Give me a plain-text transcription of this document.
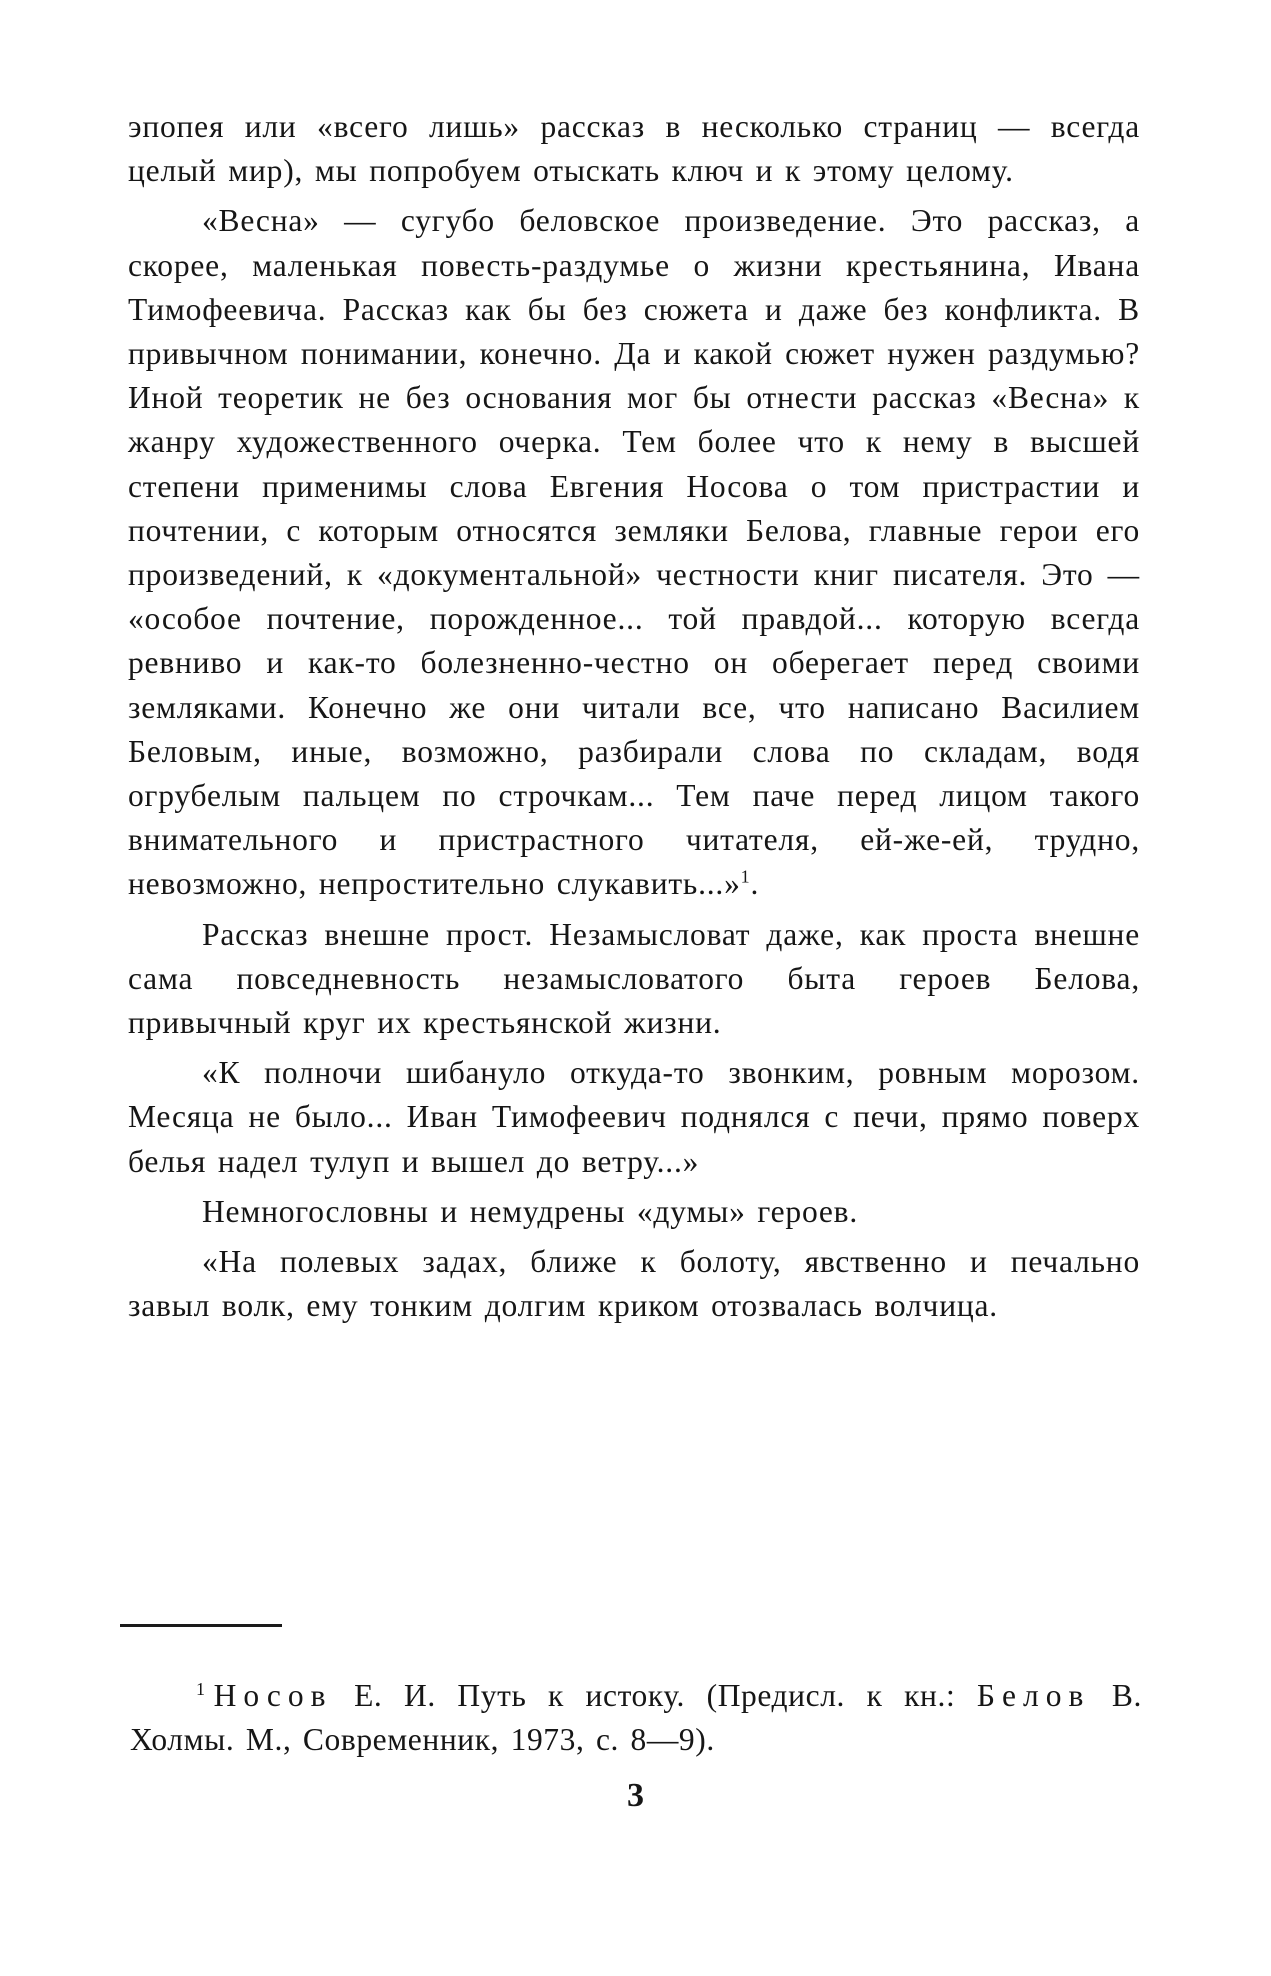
эпопея или «всего лишь» рассказ в несколько страниц — всегда целый мир), мы попробуем отыскать ключ и к этому целому.

«Весна» — сугубо беловское произведение. Это рассказ, а скорее, маленькая повесть-раздумье о жизни крестьянина, Ивана Тимофеевича. Рассказ как бы без сюжета и даже без конфликта. В привычном понимании, конечно. Да и какой сюжет нужен раздумью? Иной теоретик не без основания мог бы отнести рассказ «Весна» к жанру художественного очерка. Тем более что к нему в высшей степени применимы слова Евгения Носова о том пристрастии и почтении, с которым относятся земляки Белова, главные герои его произведений, к «документальной» честности книг писателя. Это — «особое почтение, порожденное... той правдой... которую всегда ревниво и как-то болезненно-честно он оберегает перед своими земляками. Конечно же они читали все, что написано Василием Беловым, иные, возможно, разбирали слова по складам, водя огрубелым пальцем по строчкам... Тем паче перед лицом такого внимательного и пристрастного читателя, ей-же-ей, трудно, невозможно, непростительно слукавить...»$^1$.

Рассказ внешне прост. Незамысловат даже, как проста внешне сама повседневность незамысловатого быта героев Белова, привычный круг их крестьянской жизни.

«К полночи шибануло откуда-то звонким, ровным морозом. Месяца не было... Иван Тимофеевич поднялся с печи, прямо поверх белья надел тулуп и вышел до ветру...»

Немногословны и немудрены «думы» героев.

«На полевых задах, ближе к болоту, явственно и печально завыл волк, ему тонким долгим криком отозвалась волчица.

$^1$ Носов Е. И. Путь к истоку. (Предисл. к кн.: Белов В. Холмы. М., Современник, 1973, с. 8—9).
3
